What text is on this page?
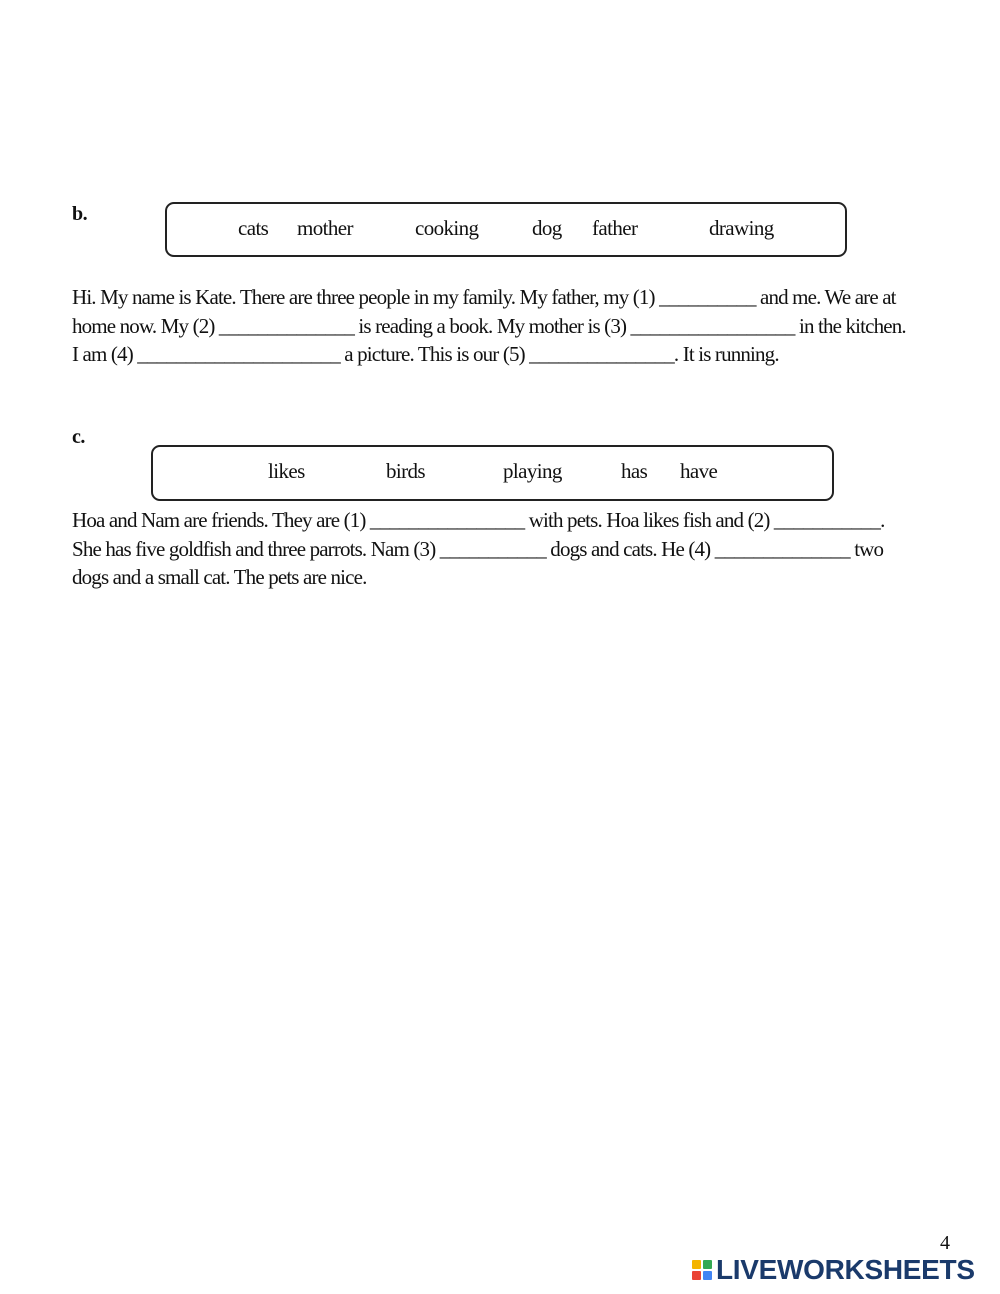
b.
cats mother	cooking	dog father	drawing
Hi. My name is Kate. There are three people in my family. My father, my (1) __________ and me. We are at
home now. My (2) ______________ is reading a book. My mother is (3) _________________ in the kitchen.
I am (4) _____________________ a picture. This is our (5) _______________. It is running.
c.
likes	birds	playing	has have
Hoa and Nam are friends. They are (1) ________________ with pets. Hoa likes fish and (2) ___________.
She has five goldfish and three parrots. Nam (3) ___________ dogs and cats. He (4) ______________ two
dogs and a small cat. The pets are nice.
4
LIVEWORKSHEETS
